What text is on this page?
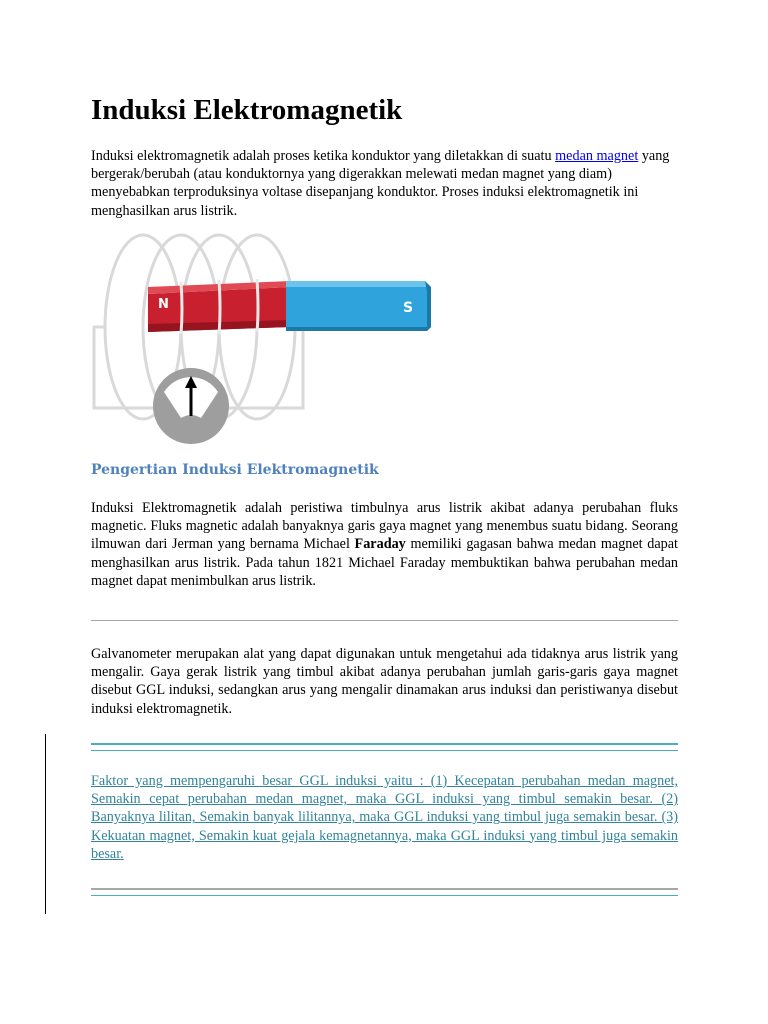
Induksi Elektromagnetik

Induksi elektromagnetik adalah proses ketika konduktor yang diletakkan di suatu medan magnet yang bergerak/berubah (atau konduktornya yang digerakkan melewati medan magnet yang diam) menyebabkan terproduksinya voltase disepanjang konduktor. Proses induksi elektromagnetik ini menghasilkan arus listrik.

N	S
Pengertian Induksi Elektromagnetik

Induksi Elektromagnetik adalah peristiwa timbulnya arus listrik akibat adanya perubahan fluks magnetic. Fluks magnetic adalah banyaknya garis gaya magnet yang menembus suatu bidang. Seorang ilmuwan dari Jerman yang bernama Michael Faraday memiliki gagasan bahwa medan magnet dapat menghasilkan arus listrik. Pada tahun 1821 Michael Faraday membuktikan bahwa perubahan medan magnet dapat menimbulkan arus listrik.

Galvanometer merupakan alat yang dapat digunakan untuk mengetahui ada tidaknya arus listrik yang mengalir. Gaya gerak listrik yang timbul akibat adanya perubahan jumlah garis-garis gaya magnet disebut GGL induksi, sedangkan arus yang mengalir dinamakan arus induksi dan peristiwanya disebut induksi elektromagnetik.

Faktor yang mempengaruhi besar GGL induksi yaitu : (1) Kecepatan perubahan medan magnet, Semakin cepat perubahan medan magnet, maka GGL induksi yang timbul semakin besar. (2) Banyaknya lilitan, Semakin banyak lilitannya, maka GGL induksi yang timbul juga semakin besar. (3) Kekuatan magnet, Semakin kuat gejala kemagnetannya, maka GGL induksi yang timbul juga semakin besar.
